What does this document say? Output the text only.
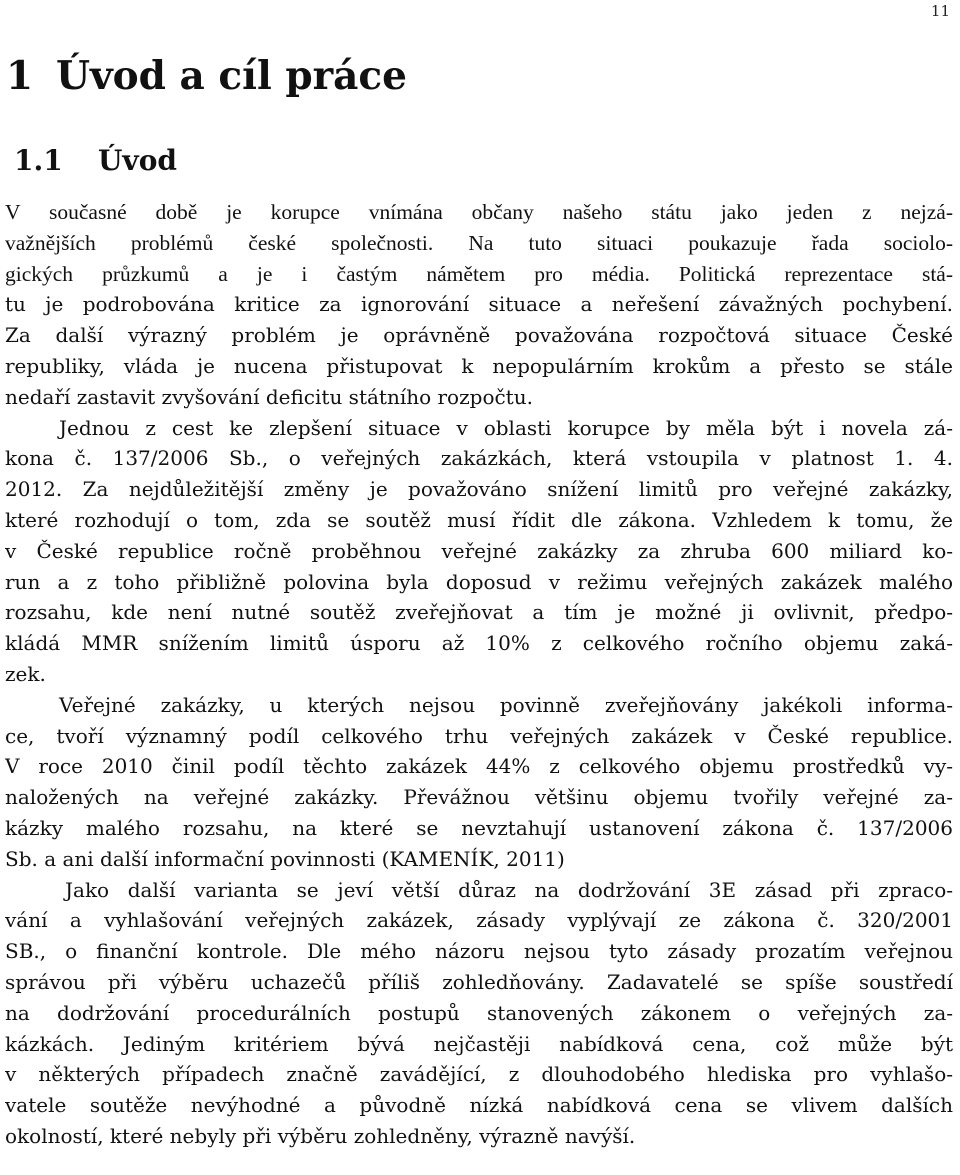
11
1 Úvod a cíl práce
1.1 Úvod
V současné době je korupce vnímána občany našeho státu jako jeden z nejzá-
važnějších problémů české společnosti. Na tuto situaci poukazuje řada sociolo-
gických průzkumů a je i častým námětem pro média. Politická reprezentace stá-
tu je podrobována kritice za ignorování situace a neřešení závažných pochybení.
Za další výrazný problém je oprávněně považována rozpočtová situace České
republiky, vláda je nucena přistupovat k nepopulárním krokům a přesto se stále
nedaří zastavit zvyšování deficitu státního rozpočtu.
Jednou z cest ke zlepšení situace v oblasti korupce by měla být i novela zá-
kona č. 137/2006 Sb., o veřejných zakázkách, která vstoupila v platnost 1. 4.
2012. Za nejdůležitější změny je považováno snížení limitů pro veřejné zakázky,
které rozhodují o tom, zda se soutěž musí řídit dle zákona. Vzhledem k tomu, že
v České republice ročně proběhnou veřejné zakázky za zhruba 600 miliard ko-
run a z toho přibližně polovina byla doposud v režimu veřejných zakázek malého
rozsahu, kde není nutné soutěž zveřejňovat a tím je možné ji ovlivnit, předpo-
kládá MMR snížením limitů úsporu až 10% z celkového ročního objemu zaká-
zek.
Veřejné zakázky, u kterých nejsou povinně zveřejňovány jakékoli informa-
ce, tvoří významný podíl celkového trhu veřejných zakázek v České republice.
V roce 2010 činil podíl těchto zakázek 44% z celkového objemu prostředků vy-
naložených na veřejné zakázky. Převážnou většinu objemu tvořily veřejné za-
kázky malého rozsahu, na které se nevztahují ustanovení zákona č. 137/2006
Sb. a ani další informační povinnosti (KAMENÍK, 2011)
Jako další varianta se jeví větší důraz na dodržování 3E zásad při zpraco-
vání a vyhlašování veřejných zakázek, zásady vyplývají ze zákona č. 320/2001
SB., o finanční kontrole. Dle mého názoru nejsou tyto zásady prozatím veřejnou
správou při výběru uchazečů příliš zohledňovány. Zadavatelé se spíše soustředí
na dodržování procedurálních postupů stanovených zákonem o veřejných za-
kázkách. Jediným kritériem bývá nejčastěji nabídková cena, což může být
v některých případech značně zavádějící, z dlouhodobého hlediska pro vyhlašo-
vatele soutěže nevýhodné a původně nízká nabídková cena se vlivem dalších
okolností, které nebyly při výběru zohledněny, výrazně navýší.
